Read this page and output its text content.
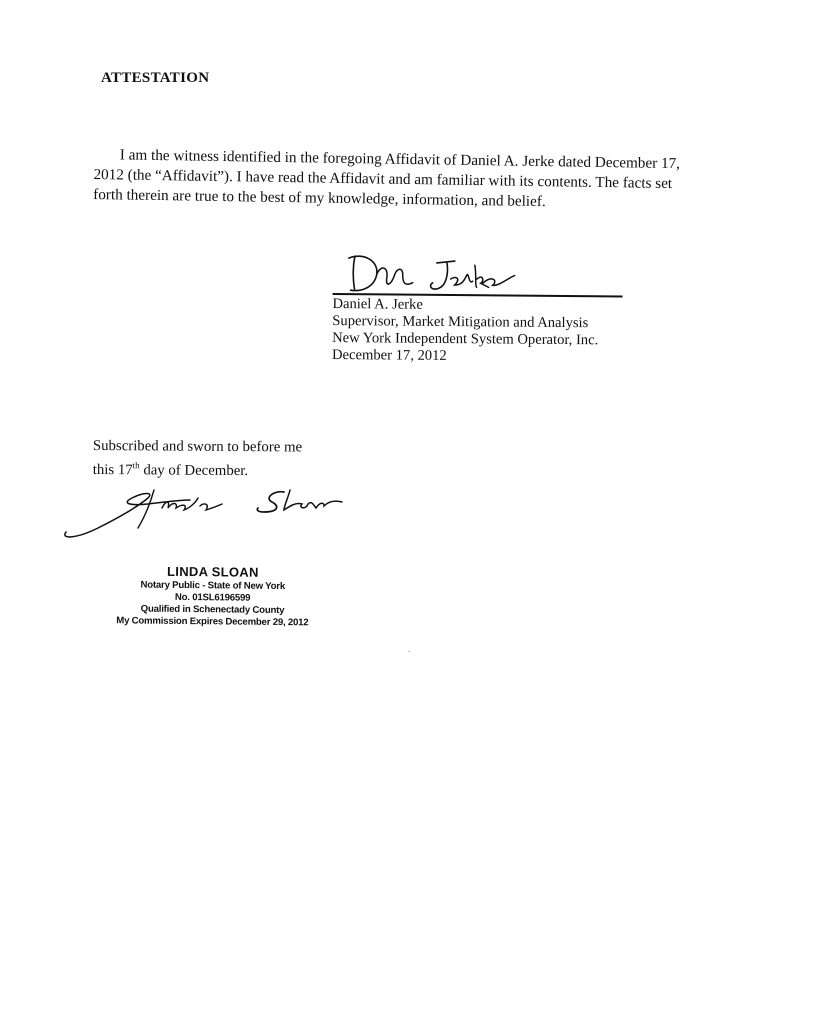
ATTESTATION
I am the witness identified in the foregoing Affidavit of Daniel A. Jerke dated December 17,
2012 (the “Affidavit”). I have read the Affidavit and am familiar with its contents. The facts set
forth therein are true to the best of my knowledge, information, and belief.
Daniel A. Jerke
Supervisor, Market Mitigation and Analysis
New York Independent System Operator, Inc.
December 17, 2012
Subscribed and sworn to before me
this 17th day of December.
LINDA SLOAN
Notary Public - State of New York
No. 01SL6196599
Qualified in Schenectady County
My Commission Expires December 29, 2012
